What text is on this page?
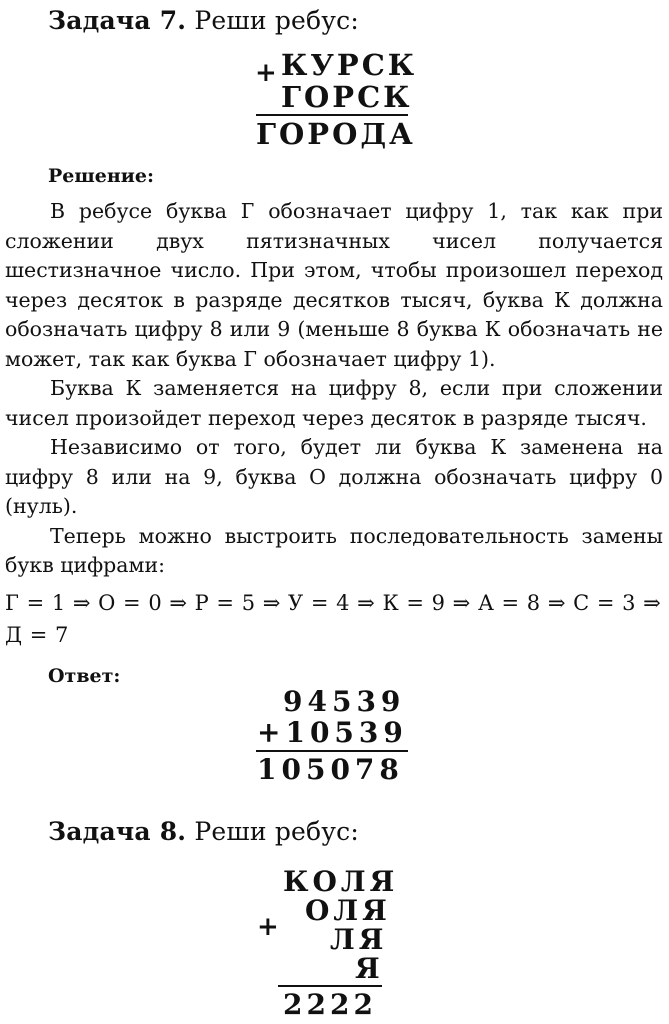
Задача 7. Реши ребус:
+ КУРСК
ГОРСК
ГОРОДА
Решение:

В ребусе буква Г обозначает цифру 1, так как при сложении двух пятизначных чисел получается шестизначное число. При этом, чтобы произошел переход через десяток в разряде десятков тысяч, буква К должна обозначать цифру 8 или 9 (меньше 8 буква К обозначать не может, так как буква Г обозначает цифру 1).

Буква К заменяется на цифру 8, если при сложении чисел произойдет переход через десяток в разряде тысяч.

Независимо от того, будет ли буква К заменена на цифру 8 или на 9, буква О должна обозначать цифру 0 (нуль).

Теперь можно выстроить последовательность замены букв цифрами:

Г = 1 ⇒ О = 0 ⇒ Р = 5 ⇒ У = 4 ⇒ К = 9 ⇒ А = 8 ⇒ С = 3 ⇒ Д = 7
Ответ:
94539
+10539
105078
Задача 8. Реши ребус:
КОЛЯ
ОЛЯ
+ ЛЯ
Я
2222
